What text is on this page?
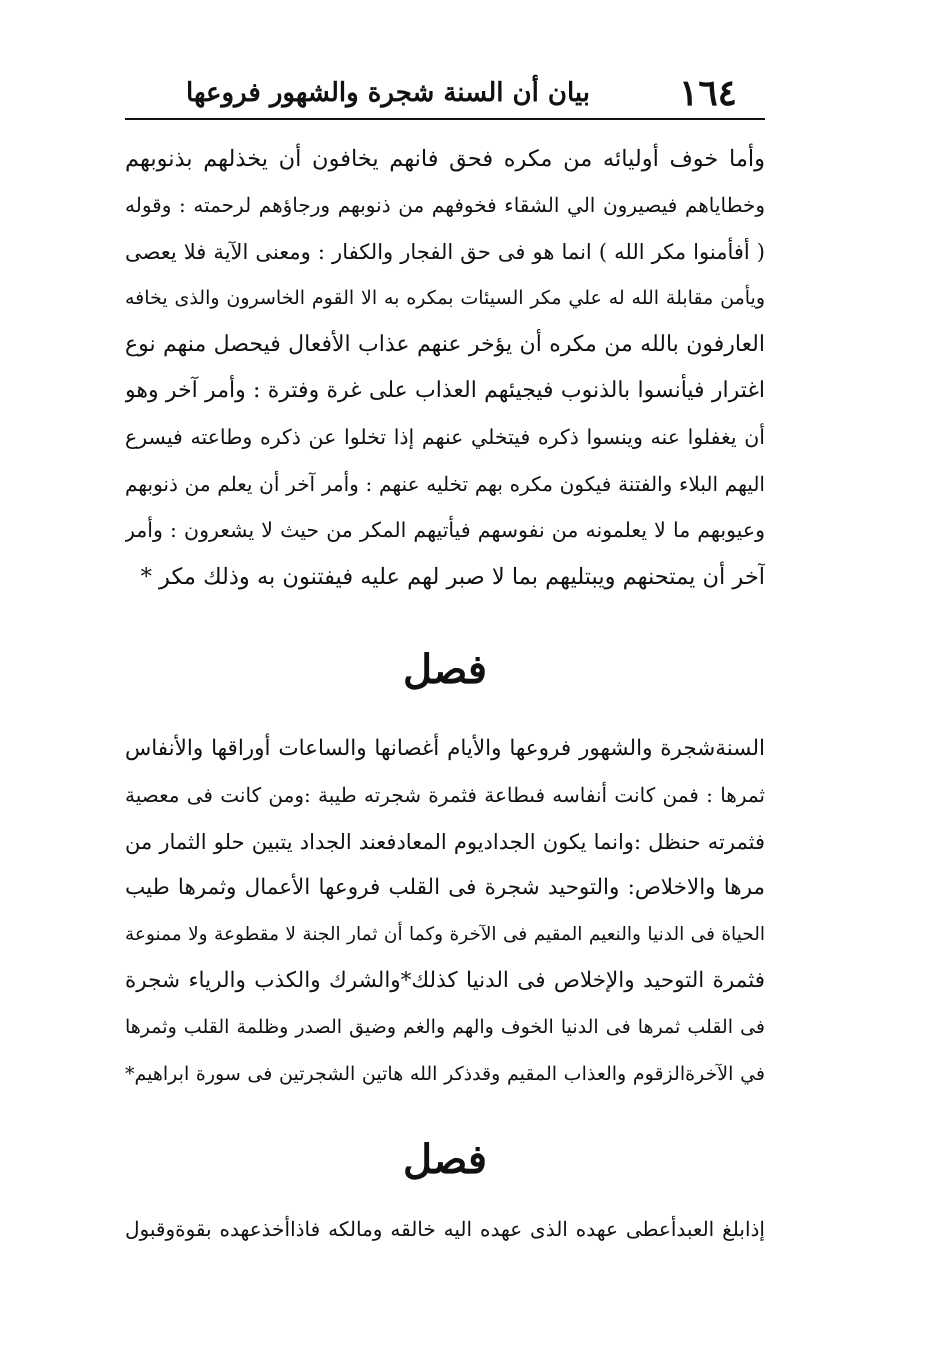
١٦٤
بيان أن السنة شجرة والشهور فروعها
وأما خوف أوليائه من مكره فحق فانهم يخافون أن يخذلهم بذنوبهم
وخطاياهم فيصيرون الي الشقاء فخوفهم من ذنوبهم ورجاؤهم لرحمته : وقوله
( أفأمنوا مكر الله ) انما هو فى حق الفجار والكفار : ومعنى الآية فلا يعصى
ويأمن مقابلة الله له علي مكر السيئات بمكره به الا القوم الخاسرون والذى يخافه
العارفون بالله من مكره أن يؤخر عنهم عذاب الأفعال فيحصل منهم نوع
اغترار فيأنسوا بالذنوب فيجيئهم العذاب على غرة وفترة : وأمر آخر وهو
أن يغفلوا عنه وينسوا ذكره فيتخلي عنهم إذا تخلوا عن ذكره وطاعته فيسرع
اليهم البلاء والفتنة فيكون مكره بهم تخليه عنهم : وأمر آخر أن يعلم من ذنوبهم
وعيوبهم ما لا يعلمونه من نفوسهم فيأتيهم المكر من حيث لا يشعرون : وأمر
آخر أن يمتحنهم ويبتليهم بما لا صبر لهم عليه فيفتنون به وذلك مكر *
فصل
السنةشجرة والشهور فروعها والأيام أغصانها والساعات أوراقها والأنفاس
ثمرها : فمن كانت أنفاسه فىطاعة فثمرة شجرته طيبة :ومن كانت فى معصية
فثمرته حنظل :وانما يكون الجداديوم المعادفعند الجداد يتبين حلو الثمار من
مرها والاخلاص: والتوحيد شجرة فى القلب فروعها الأعمال وثمرها طيب
الحياة فى الدنيا والنعيم المقيم فى الآخرة وكما أن ثمار الجنة لا مقطوعة ولا ممنوعة
فثمرة التوحيد والإخلاص فى الدنيا كذلك*والشرك والكذب والرياء شجرة
فى القلب ثمرها فى الدنيا الخوف والهم والغم وضيق الصدر وظلمة القلب وثمرها
في الآخرةالزقوم والعذاب المقيم وقدذكر الله هاتين الشجرتين فى سورة ابراهيم*
فصل
إذابلغ العبدأعطى عهده الذى عهده اليه خالقه ومالكه فاذاأخذعهده بقوةوقبول
